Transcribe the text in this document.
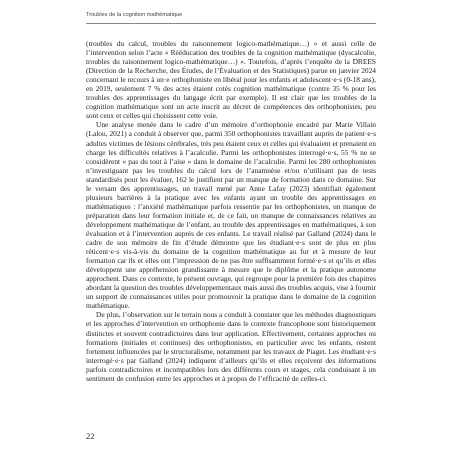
Troubles de la cognition mathématique

(troubles du calcul, troubles du raisonnement logico-mathématique…) » et aussi celle de l’intervention selon l’acte « Rééducation des troubles de la cognition mathématique (dyscalculie, troubles du raisonnement logico-mathématique…) ». Toutefois, d’après l’enquête de la DREES (Direction de la Recherche, des Études, de l’Évaluation et des Statistiques) parue en janvier 2024 concernant le recours à un·e orthophoniste en libéral pour les enfants et adolescent·e·s (0-18 ans), en 2019, seulement 7 % des actes étaient cotés cognition mathématique (contre 35 % pour les troubles des apprentissages du langage écrit par exemple). Il est clair que les troubles de la cognition mathématique sont un acte inscrit au décret de compétences des orthophonistes, peu sont ceux et celles qui choisissent cette voie.

Une analyse menée dans le cadre d’un mémoire d’orthophonie encadré par Marie Villain (Lalou, 2021) a conduit à observer que, parmi 350 orthophonistes travaillant auprès de patient·e·s adultes victimes de lésions cérébrales, très peu étaient ceux et celles qui évaluaient et prenaient en charge les difficultés relatives à l’acalculie. Parmi les orthophonistes interrogé·e·s, 55 % ne se considèrent « pas du tout à l’aise » dans le domaine de l’acalculie. Parmi les 280 orthophonistes n’investiguant pas les troubles du calcul lors de l’anamnèse et/ou n’utilisant pas de tests standardisés pour les évaluer, 162 le justifient par un manque de formation dans ce domaine. Sur le versant des apprentissages, un travail mené par Anne Lafay (2023) identifiait également plusieurs barrières à la pratique avec les enfants ayant un trouble des apprentissages en mathématiques : l’anxiété mathématique parfois ressentie par les orthophonistes, un manque de préparation dans leur formation initiale et, de ce fait, un manque de connaissances relatives au développement mathématique de l’enfant, au trouble des apprentissages en mathématiques, à son évaluation et à l’intervention auprès de ces enfants. Le travail réalisé par Galland (2024) dans le cadre de son mémoire de fin d’étude démontre que les étudiant·e·s sont de plus en plus réticent·e·s vis-à-vis du domaine de la cognition mathématique au fur et à mesure de leur formation car ils et elles ont l’impression de ne pas être suffisamment formé·e·s et qu’ils et elles développent une appréhension grandissante à mesure que le diplôme et la pratique autonome approchent. Dans ce contexte, le présent ouvrage, qui regroupe pour la première fois des chapitres abordant la question des troubles développementaux mais aussi des troubles acquis, vise à fournir un support de connaissances utiles pour promouvoir la pratique dans le domaine de la cognition mathématique.

De plus, l’observation sur le terrain nous a conduit à constater que les méthodes diagnostiques et les approches d’intervention en orthophonie dans le contexte francophone sont historiquement distinctes et souvent contradictoires dans leur application. Effectivement, certaines approches ou formations (initiales et continues) des orthophonistes, en particulier avec les enfants, restent fortement influencées par le structuralisme, notamment par les travaux de Piaget. Les étudiant·e·s interrogé·e·s par Galland (2024) indiquent d’ailleurs qu’ils et elles reçoivent des informations parfois contradictoires et incompatibles lors des différents cours et stages, cela conduisant à un sentiment de confusion entre les approches et à propos de l’efficacité de celles-ci.

22
